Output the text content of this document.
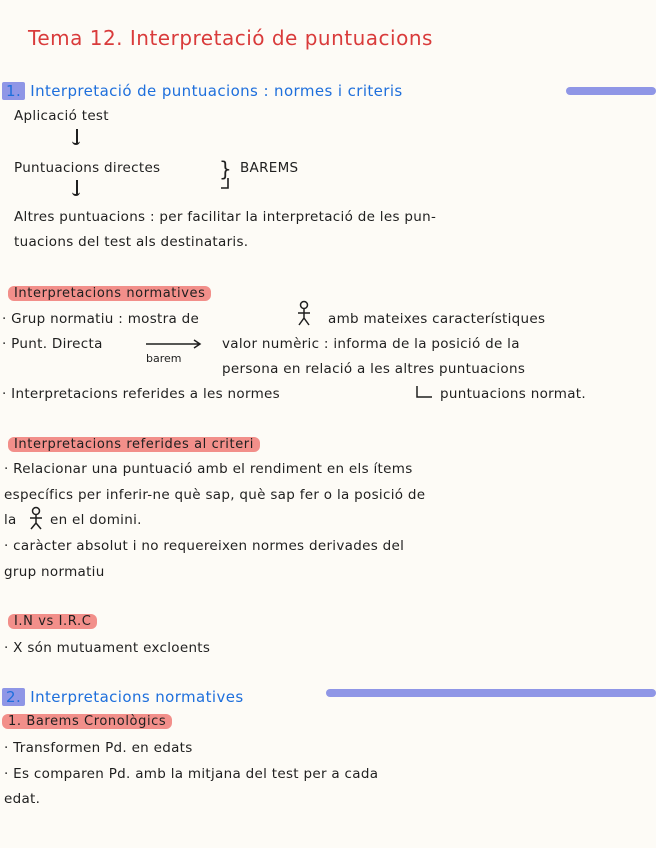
Tema 12. Interpretació de puntuacions
1. Interpretació de puntuacions : normes i criteris
Aplicació test
Puntuacions directes	} BAREMS
Altres puntuacions : per facilitar la interpretació de les pun-
tuacions del test als destinataris.
Interpretacions normatives
· Grup normatiu : mostra de	amb mateixes característiques
· Punt. Directa
barem
valor numèric : informa de la posició de la
persona en relació a les altres puntuacions
· Interpretacions referides a les normes	puntuacions normat.
Interpretacions referides al criteri
· Relacionar una puntuació amb el rendiment en els ítems
específics per inferir-ne què sap, què sap fer o la posició de
la en el domini.
· caràcter absolut i no requereixen normes derivades del
grup normatiu
I.N vs I.R.C
· X són mutuament excloents
2. Interpretacions normatives
1. Barems Cronològics
· Transformen Pd. en edats
· Es comparen Pd. amb la mitjana del test per a cada
edat.
